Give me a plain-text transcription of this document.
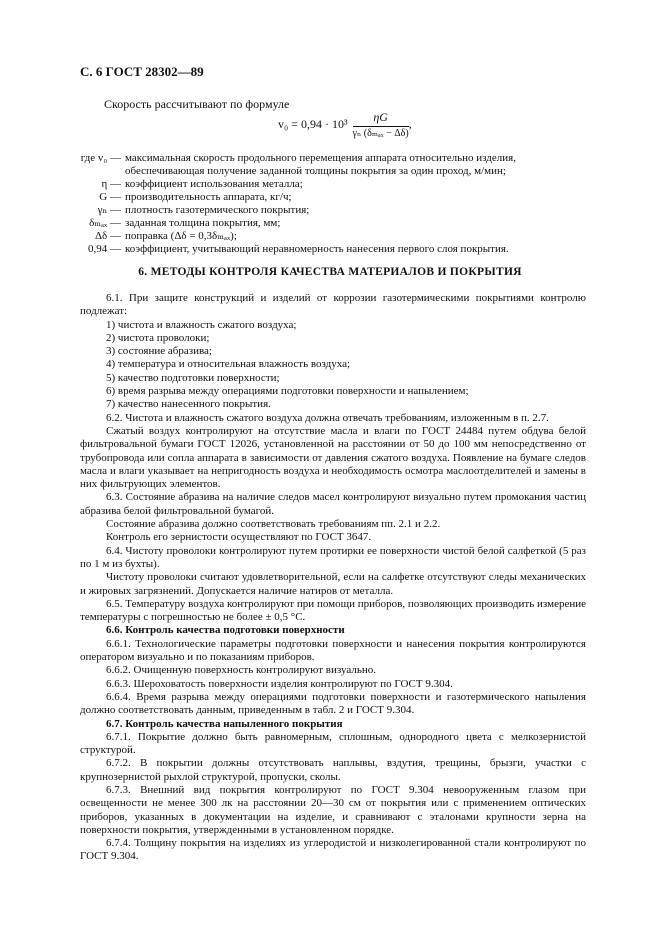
С. 6 ГОСТ 28302—89
Скорость рассчитывают по формуле
$v_0 = 0,94 \cdot 10^3 \frac{\eta G}{\text{γₙ (δₘₐₓ − Δδ)}}$ ,
где v₀ — максимальная скорость продольного перемещения аппарата относительно изделия, обеспечивающая получение заданной толщины покрытия за один проход, м/мин;
η — коэффициент использования металла;
G — производительность аппарата, кг/ч;
γₙ — плотность газотермического покрытия;
δₘₐₓ — заданная толщина покрытия, мм;
Δδ — поправка (Δδ = 0,3δₘₐₓ);
0,94 — коэффициент, учитывающий неравномерность нанесения первого слоя покрытия.
6. МЕТОДЫ КОНТРОЛЯ КАЧЕСТВА МАТЕРИАЛОВ И ПОКРЫТИЯ

6.1. При защите конструкций и изделий от коррозии газотермическими покрытиями контролю подлежат:

1) чистота и влажность сжатого воздуха;

2) чистота проволоки;

3) состояние абразива;

4) температура и относительная влажность воздуха;

5) качество подготовки поверхности;

6) время разрыва между операциями подготовки поверхности и напылением;

7) качество нанесенного покрытия.

6.2. Чистота и влажность сжатого воздуха должна отвечать требованиям, изложенным в п. 2.7.

Сжатый воздух контролируют на отсутствие масла и влаги по ГОСТ 24484 путем обдува белой фильтровальной бумаги ГОСТ 12026, установленной на расстоянии от 50 до 100 мм непосредственно от трубопровода или сопла аппарата в зависимости от давления сжатого воздуха. Появление на бумаге следов масла и влаги указывает на непригодность воздуха и необходимость осмотра маслоотделителей и замены в них фильтрующих элементов.

6.3. Состояние абразива на наличие следов масел контролируют визуально путем промокания частиц абразива белой фильтровальной бумагой.

Состояние абразива должно соответствовать требованиям пп. 2.1 и 2.2.

Контроль его зернистости осуществляют по ГОСТ 3647.

6.4. Чистоту проволоки контролируют путем протирки ее поверхности чистой белой салфеткой (5 раз по 1 м из бухты).

Чистоту проволоки считают удовлетворительной, если на салфетке отсутствуют следы механических и жировых загрязнений. Допускается наличие натиров от металла.

6.5. Температуру воздуха контролируют при помощи приборов, позволяющих производить измерение температуры с погрешностью не более ± 0,5 °С.

6.6. Контроль качества подготовки поверхности

6.6.1. Технологические параметры подготовки поверхности и нанесения покрытия контролируются оператором визуально и по показаниям приборов.

6.6.2. Очищенную поверхность контролируют визуально.

6.6.3. Шероховатость поверхности изделия контролируют по ГОСТ 9.304.

6.6.4. Время разрыва между операциями подготовки поверхности и газотермического напыления должно соответствовать данным, приведенным в табл. 2 и ГОСТ 9.304.

6.7. Контроль качества напыленного покрытия

6.7.1. Покрытие должно быть равномерным, сплошным, однородного цвета с мелкозернистой структурой.

6.7.2. В покрытии должны отсутствовать наплывы, вздутия, трещины, брызги, участки с крупнозернистой рыхлой структурой, пропуски, сколы.

6.7.3. Внешний вид покрытия контролируют по ГОСТ 9.304 невооруженным глазом при освещенности не менее 300 лк на расстоянии 20—30 см от покрытия или с применением оптических приборов, указанных в документации на изделие, и сравнивают с эталонами крупности зерна на поверхности покрытия, утвержденными в установленном порядке.

6.7.4. Толщину покрытия на изделиях из углеродистой и низколегированной стали контролируют по ГОСТ 9.304.
